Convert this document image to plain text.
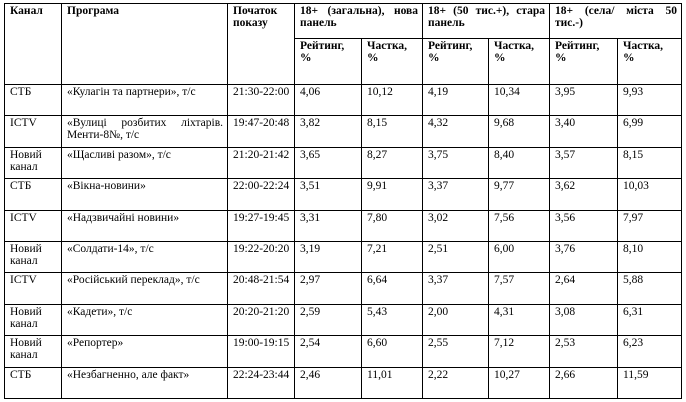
Канал	Програма	Початок показу	18+ (загальна), нова панель		18+ (50 тис.+), стара панель		18+ (села/ міста 50 тис.-)	
			Рейтинг, %	Частка, %	Рейтинг, %	Частка, %	Рейтинг, %	Частка, %
СТБ	«Кулагін та партнери», т/с	21:30-22:00	4,06	10,12	4,19	10,34	3,95	9,93
ICTV	«Вулиці розбитих ліхтарів. Менти-8№, т/с	19:47-20:48	3,82	8,15	4,32	9,68	3,40	6,99
Новий канал	«Щасливі разом», т/с	21:20-21:42	3,65	8,27	3,75	8,40	3,57	8,15
СТБ	«Вікна-новини»	22:00-22:24	3,51	9,91	3,37	9,77	3,62	10,03
ICTV	«Надзвичайні новини»	19:27-19:45	3,31	7,80	3,02	7,56	3,56	7,97
Новий канал	«Солдати-14», т/с	19:22-20:20	3,19	7,21	2,51	6,00	3,76	8,10
ICTV	«Російський переклад», т/с	20:48-21:54	2,97	6,64	3,37	7,57	2,64	5,88
Новий канал	«Кадети», т/с	20:20-21:20	2,59	5,43	2,00	4,31	3,08	6,31
Новий канал	«Репортер»	19:00-19:15	2,54	6,60	2,55	7,12	2,53	6,23
СТБ	«Незбагненно, але факт»	22:24-23:44	2,46	11,01	2,22	10,27	2,66	11,59
